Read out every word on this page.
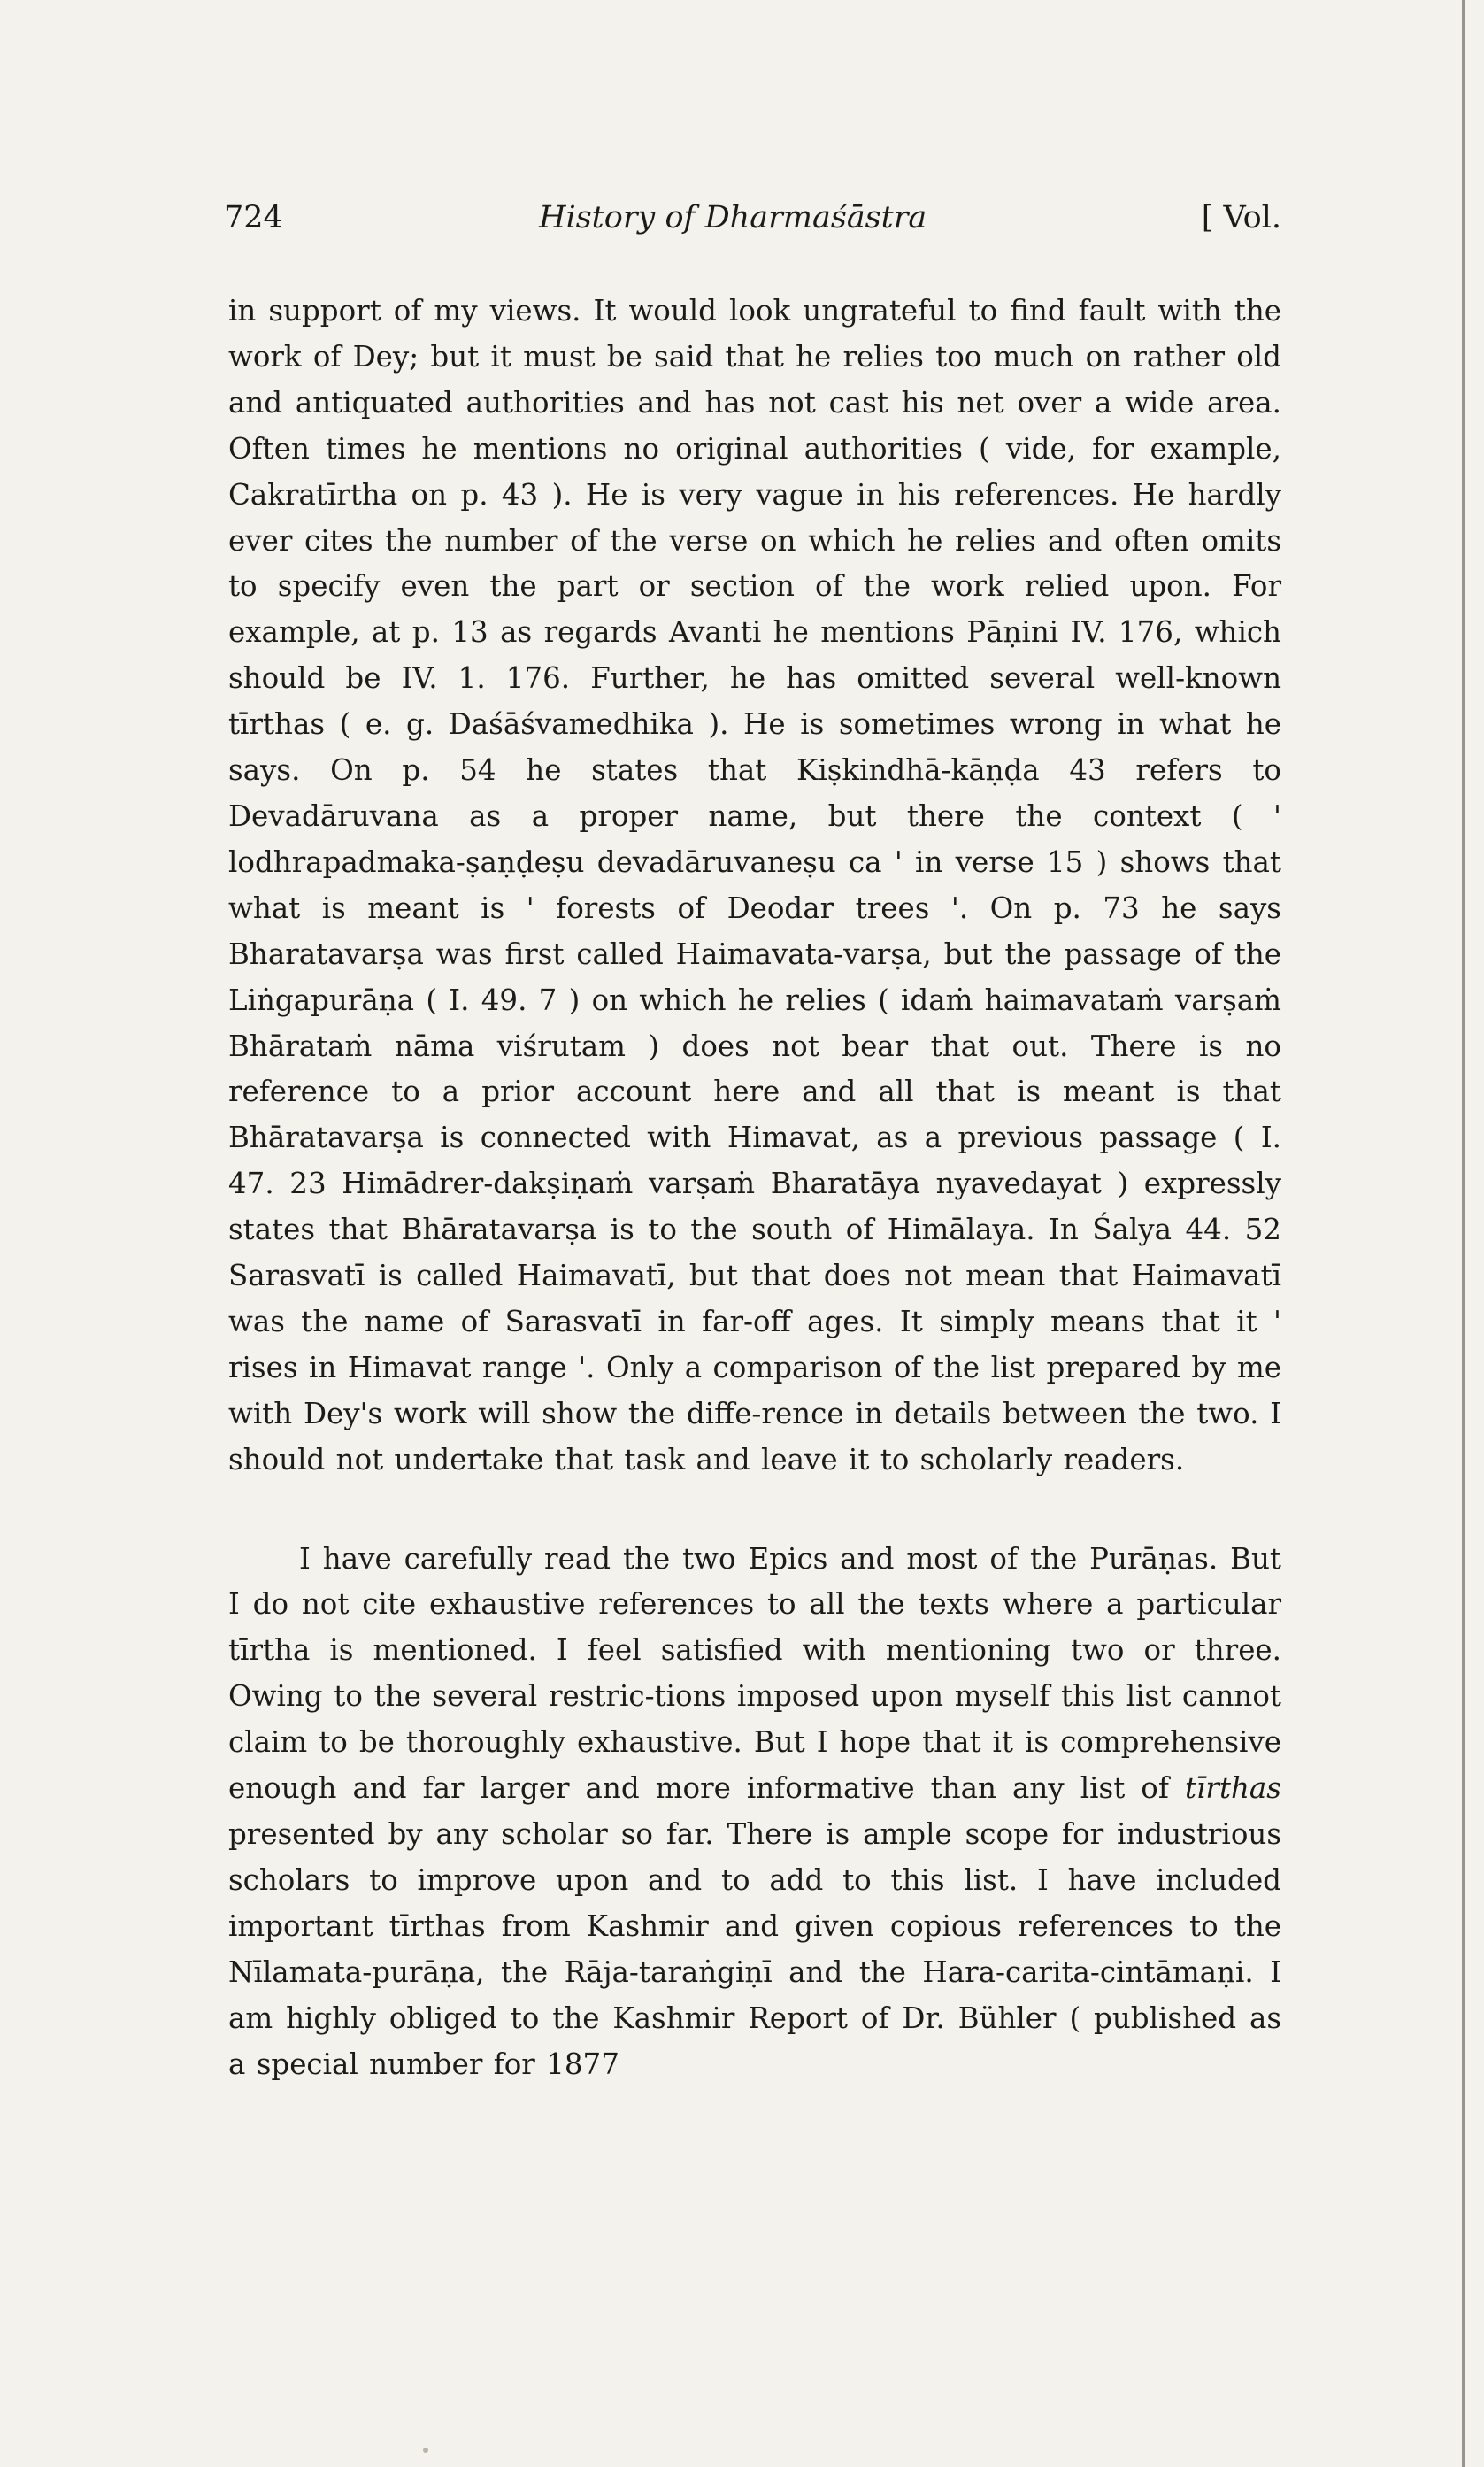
724	History of Dharmaśāstra	[ Vol.

in support of my views. It would look ungrateful to find fault with the work of Dey; but it must be said that he relies too much on rather old and antiquated authorities and has not cast his net over a wide area. Often times he mentions no original authorities ( vide, for example, Cakratīrtha on p. 43 ). He is very vague in his references. He hardly ever cites the number of the verse on which he relies and often omits to specify even the part or section of the work relied upon. For example, at p. 13 as regards Avanti he mentions Pāṇini IV. 176, which should be IV. 1. 176. Further, he has omitted several well-known tīrthas ( e. g. Daśāśvamedhika ). He is sometimes wrong in what he says. On p. 54 he states that Kiṣkindhā-kāṇḍa 43 refers to Devadāruvana as a proper name, but there the context ( ' lodhrapadmaka-ṣaṇḍeṣu devadāruvaneṣu ca ' in verse 15 ) shows that what is meant is ' forests of Deodar trees '. On p. 73 he says Bharatavarṣa was first called Haimavata-varṣa, but the passage of the Liṅgapurāṇa ( I. 49. 7 ) on which he relies ( idaṁ haimavataṁ varṣaṁ Bhārataṁ nāma viśrutam ) does not bear that out. There is no reference to a prior account here and all that is meant is that Bhāratavarṣa is connected with Himavat, as a previous passage ( I. 47. 23 Himādrer-dakṣiṇaṁ varṣaṁ Bharatāya nyavedayat ) expressly states that Bhāratavarṣa is to the south of Himālaya. In Śalya 44. 52 Sarasvatī is called Haimavatī, but that does not mean that Haimavatī was the name of Sarasvatī in far-off ages. It simply means that it ' rises in Himavat range '. Only a comparison of the list prepared by me with Dey's work will show the diffe-rence in details between the two. I should not undertake that task and leave it to scholarly readers.

I have carefully read the two Epics and most of the Purāṇas. But I do not cite exhaustive references to all the texts where a particular tīrtha is mentioned. I feel satisfied with mentioning two or three. Owing to the several restric-tions imposed upon myself this list cannot claim to be thoroughly exhaustive. But I hope that it is comprehensive enough and far larger and more informative than any list of tīrthas presented by any scholar so far. There is ample scope for industrious scholars to improve upon and to add to this list. I have included important tīrthas from Kashmir and given copious references to the Nīlamata-purāṇa, the Rāja-taraṅgiṇī and the Hara-carita-cintāmaṇi. I am highly obliged to the Kashmir Report of Dr. Bühler ( published as a special number for 1877
